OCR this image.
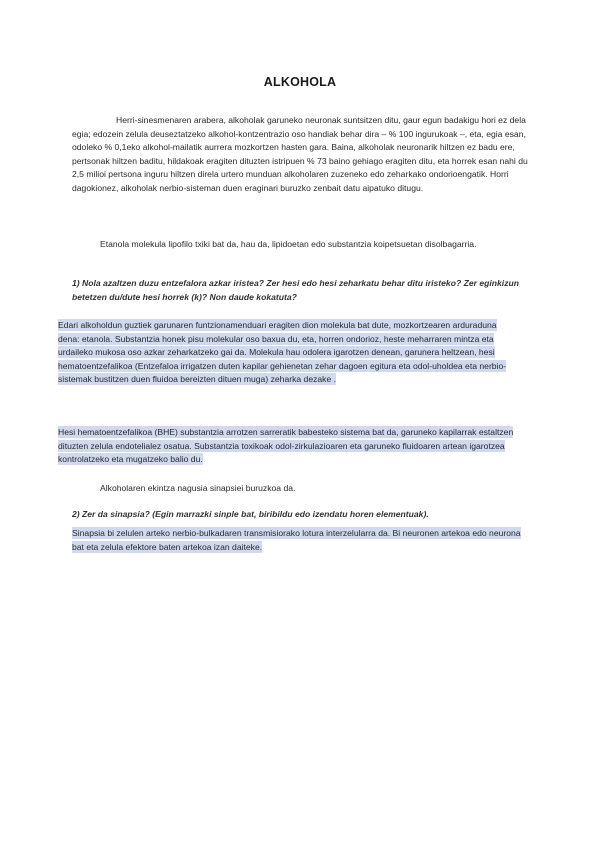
ALKOHOLA

Herri-sinesmenaren arabera, alkoholak garuneko neuronak suntsitzen ditu, gaur egun badakigu hori ez dela egia; edozein zelula deuseztatzeko alkohol-kontzentrazio oso handiak behar dira – % 100 ingurukoak –, eta, egia esan, odoleko % 0,1eko alkohol-mailatik aurrera mozkortzen hasten gara. Baina, alkoholak neuronarik hiltzen ez badu ere, pertsonak hiltzen baditu, hildakoak eragiten dituzten istripuen % 73 baino gehiago eragiten ditu, eta horrek esan nahi du 2,5 milioi pertsona inguru hiltzen direla urtero munduan alkoholaren zuzeneko edo zeharkako ondorioengatik. Horri dagokionez, alkoholak nerbio-sisteman duen eraginari buruzko zenbait datu aipatuko ditugu.

Etanola molekula lipofilo txiki bat da, hau da, lipidoetan edo substantzia koipetsuetan disolbagarria.

1) Nola azaltzen duzu entzefalora azkar iristea? Zer hesi edo hesi zeharkatu behar ditu iristeko? Zer eginkizun betetzen du/dute hesi horrek (k)? Non daude kokatuta?

Edari alkoholdun guztiek garunaren funtzionamenduari eragiten dion molekula bat dute, mozkortzearen arduraduna dena: etanola. Substantzia honek pisu molekular oso baxua du, eta, horren ondorioz, heste meharraren mintza eta urdaileko mukosa oso azkar zeharkatzeko gai da. Molekula hau odolera igarotzen denean, garunera heltzean, hesi hematoentzefalikoa (Entzefaloa irrigatzen duten kapilar gehienetan zehar dagoen egitura eta odol-uholdea eta nerbio-sistemak bustitzen duen fluidoa bereizten dituen muga) zeharka dezake .

Hesi hematoentzefalikoa (BHE) substantzia arrotzen sarreratik babesteko sistema bat da, garuneko kapilarrak estaltzen dituzten zelula endotelialez osatua. Substantzia toxikoak odol-zirkulazioaren eta garuneko fluidoaren artean igarotzea kontrolatzeko eta mugatzeko balio du.

Alkoholaren ekintza nagusia sinapsiei buruzkoa da.

2) Zer da sinapsia? (Egin marrazki sinple bat, biribildu edo izendatu horen elementuak).

Sinapsia bi zelulen arteko nerbio-bulkadaren transmisiorako lotura interzelularra da. Bi neuronen artekoa edo neurona bat eta zelula efektore baten artekoa izan daiteke.
